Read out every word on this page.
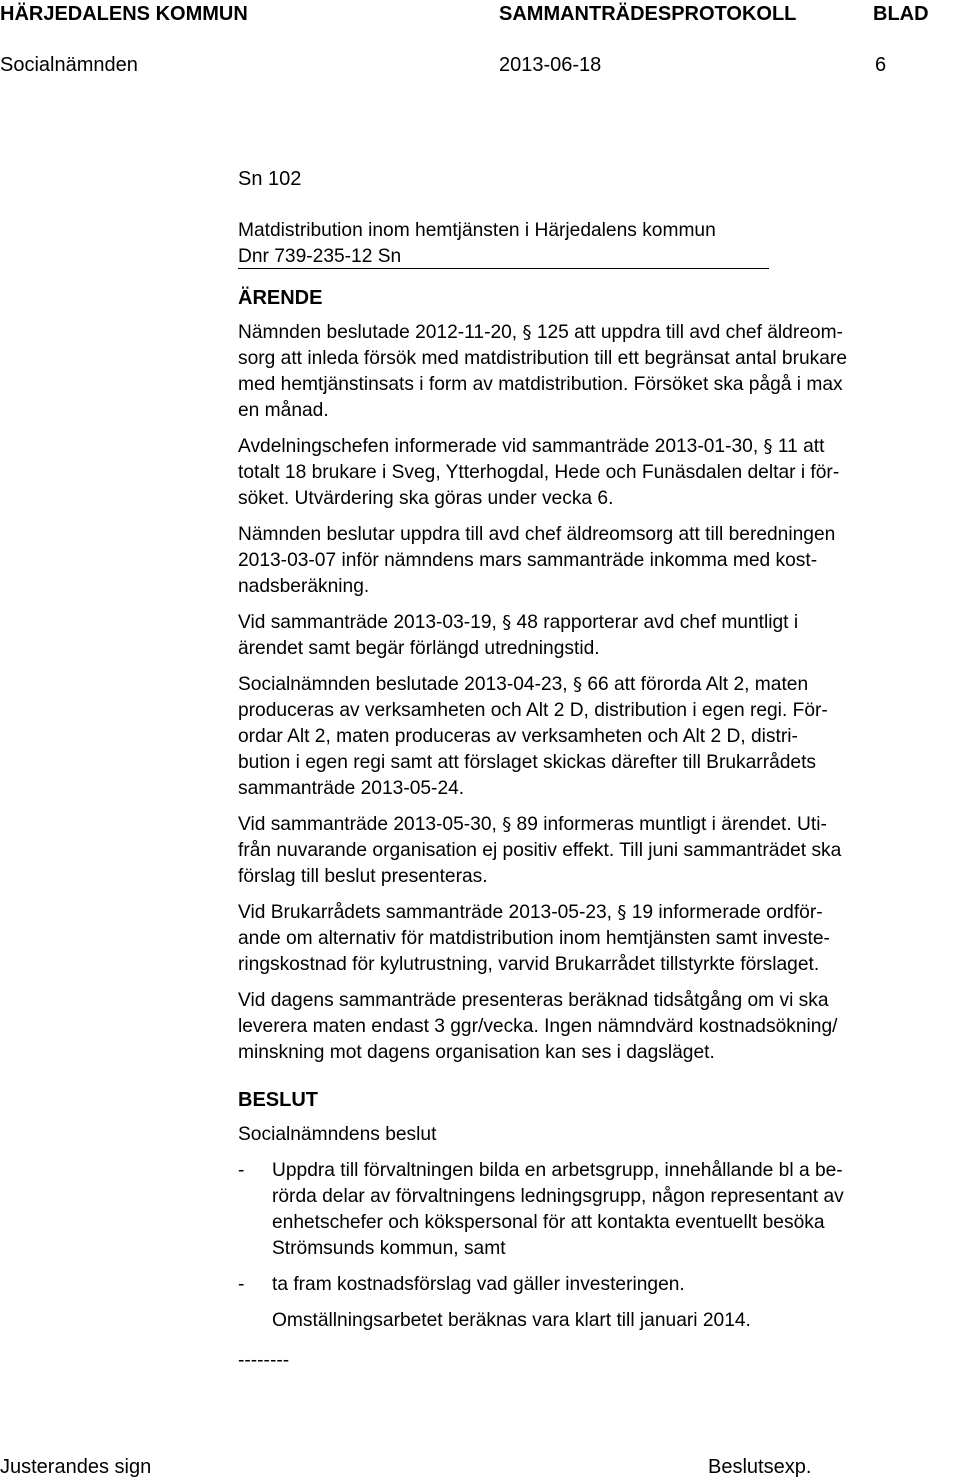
HÄRJEDALENS KOMMUN	SAMMANTRÄDESPROTOKOLL	BLAD
Socialnämnden	2013-06-18	6
Sn 102
Matdistribution inom hemtjänsten i Härjedalens kommun
Dnr 739-235-12 Sn
ÄRENDE
Nämnden beslutade 2012-11-20, § 125 att uppdra till avd chef äldreom-
sorg att inleda försök med matdistribution till ett begränsat antal brukare
med hemtjänstinsats i form av matdistribution. Försöket ska pågå i max
en månad.
Avdelningschefen informerade vid sammanträde 2013-01-30, § 11 att
totalt 18 brukare i Sveg, Ytterhogdal, Hede och Funäsdalen deltar i för-
söket. Utvärdering ska göras under vecka 6.
Nämnden beslutar uppdra till avd chef äldreomsorg att till beredningen
2013-03-07 inför nämndens mars sammanträde inkomma med kost-
nadsberäkning.
Vid sammanträde 2013-03-19, § 48 rapporterar avd chef muntligt i
ärendet samt begär förlängd utredningstid.
Socialnämnden beslutade 2013-04-23, § 66 att förorda Alt 2, maten
produceras av verksamheten och Alt 2 D, distribution i egen regi. För-
ordar Alt 2, maten produceras av verksamheten och Alt 2 D, distri-
bution i egen regi samt att förslaget skickas därefter till Brukarrådets
sammanträde 2013-05-24.
Vid sammanträde 2013-05-30, § 89 informeras muntligt i ärendet. Uti-
från nuvarande organisation ej positiv effekt. Till juni sammanträdet ska
förslag till beslut presenteras.
Vid Brukarrådets sammanträde 2013-05-23, § 19 informerade ordför-
ande om alternativ för matdistribution inom hemtjänsten samt investe-
ringskostnad för kylutrustning, varvid Brukarrådet tillstyrkte förslaget.
Vid dagens sammanträde presenteras beräknad tidsåtgång om vi ska
leverera maten endast 3 ggr/vecka. Ingen nämndvärd kostnadsökning/
minskning mot dagens organisation kan ses i dagsläget.
BESLUT
Socialnämndens beslut
- Uppdra till förvaltningen bilda en arbetsgrupp, innehållande bl a be-
rörda delar av förvaltningens ledningsgrupp, någon representant av
enhetschefer och kökspersonal för att kontakta eventuellt besöka
Strömsunds kommun, samt
- ta fram kostnadsförslag vad gäller investeringen.
Omställningsarbetet beräknas vara klart till januari 2014.
--------
Justerandes sign	Beslutsexp.
